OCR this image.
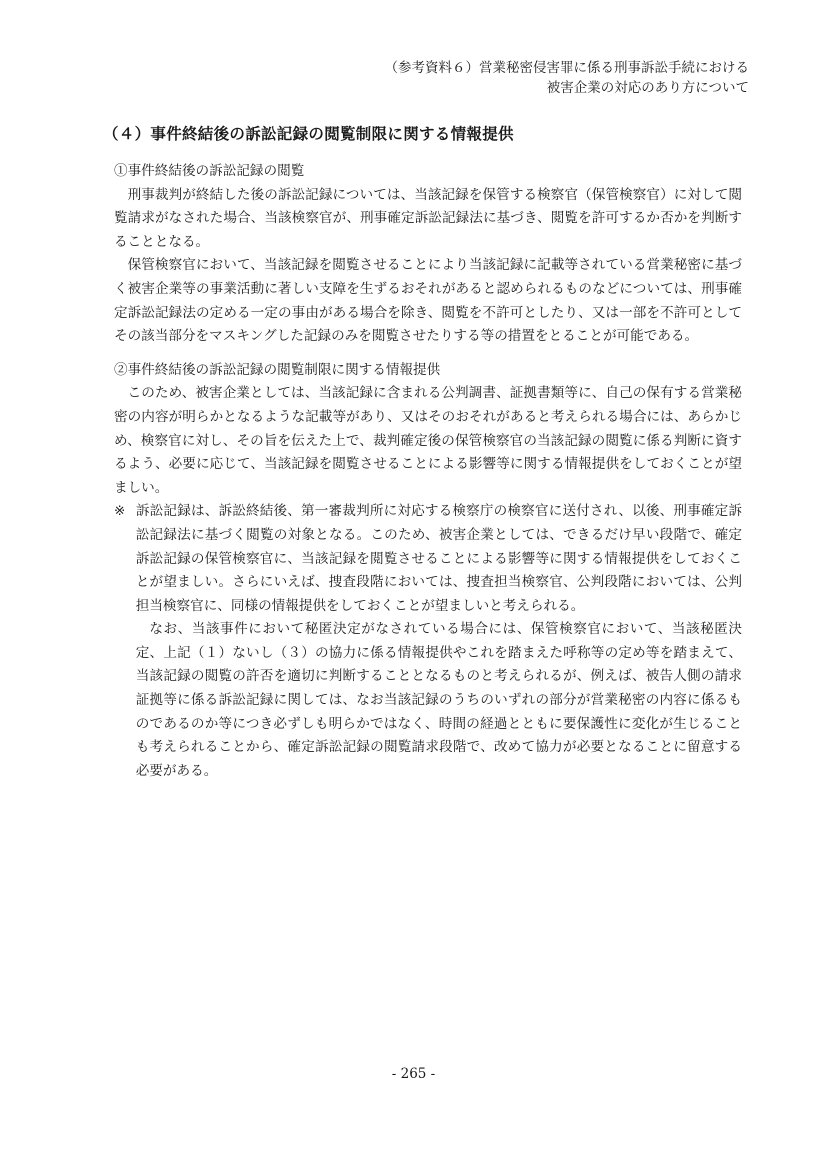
（参考資料６）営業秘密侵害罪に係る刑事訴訟手続における
被害企業の対応のあり方について
（４）事件終結後の訴訟記録の閲覧制限に関する情報提供

①事件終結後の訴訟記録の閲覧

刑事裁判が終結した後の訴訟記録については、当該記録を保管する検察官（保管検察官）に対して閲覧請求がなされた場合、当該検察官が、刑事確定訴訟記録法に基づき、閲覧を許可するか否かを判断することとなる。

保管検察官において、当該記録を閲覧させることにより当該記録に記載等されている営業秘密に基づく被害企業等の事業活動に著しい支障を生ずるおそれがあると認められるものなどについては、刑事確定訴訟記録法の定める一定の事由がある場合を除き、閲覧を不許可としたり、又は一部を不許可としてその該当部分をマスキングした記録のみを閲覧させたりする等の措置をとることが可能である。

②事件終結後の訴訟記録の閲覧制限に関する情報提供

このため、被害企業としては、当該記録に含まれる公判調書、証拠書類等に、自己の保有する営業秘密の内容が明らかとなるような記載等があり、又はそのおそれがあると考えられる場合には、あらかじめ、検察官に対し、その旨を伝えた上で、裁判確定後の保管検察官の当該記録の閲覧に係る判断に資するよう、必要に応じて、当該記録を閲覧させることによる影響等に関する情報提供をしておくことが望ましい。

※ 訴訟記録は、訴訟終結後、第一審裁判所に対応する検察庁の検察官に送付され、以後、刑事確定訴訟記録法に基づく閲覧の対象となる。このため、被害企業としては、できるだけ早い段階で、確定訴訟記録の保管検察官に、当該記録を閲覧させることによる影響等に関する情報提供をしておくことが望ましい。さらにいえば、捜査段階においては、捜査担当検察官、公判段階においては、公判担当検察官に、同様の情報提供をしておくことが望ましいと考えられる。

なお、当該事件において秘匿決定がなされている場合には、保管検察官において、当該秘匿決定、上記（１）ないし（３）の協力に係る情報提供やこれを踏まえた呼称等の定め等を踏まえて、当該記録の閲覧の許否を適切に判断することとなるものと考えられるが、例えば、被告人側の請求証拠等に係る訴訟記録に関しては、なお当該記録のうちのいずれの部分が営業秘密の内容に係るものであるのか等につき必ずしも明らかではなく、時間の経過とともに要保護性に変化が生じることも考えられることから、確定訴訟記録の閲覧請求段階で、改めて協力が必要となることに留意する必要がある。

- 265 -
